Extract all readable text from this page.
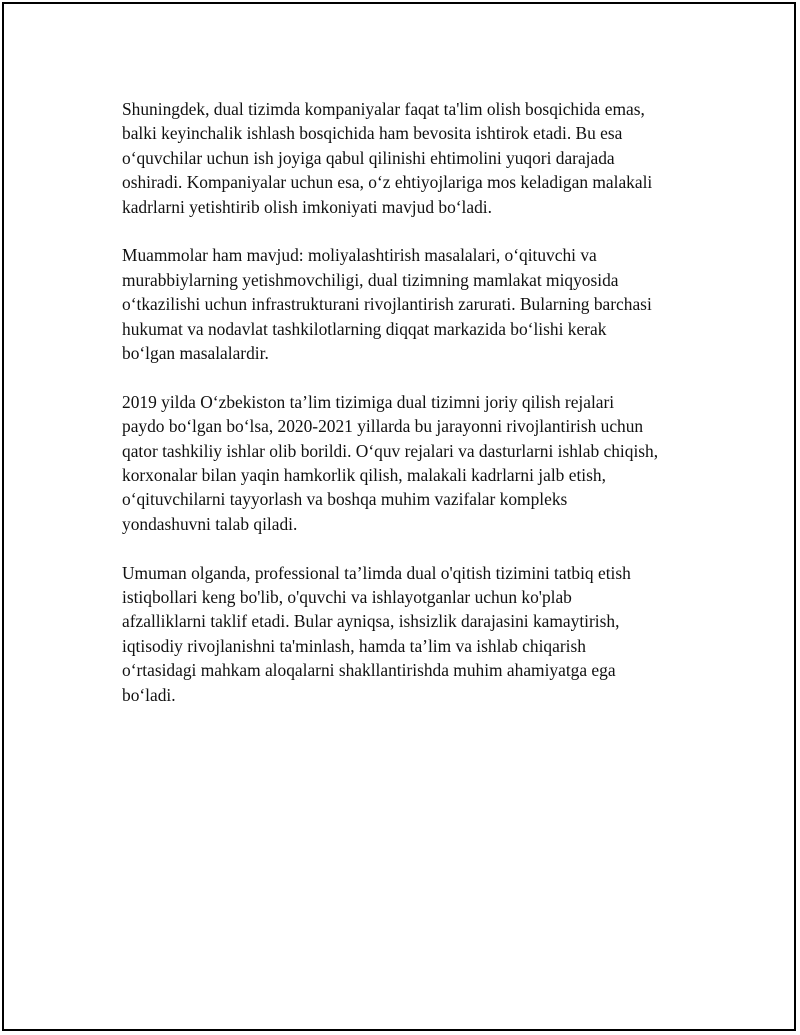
Shuningdek, dual tizimda kompaniyalar faqat ta'lim olish bosqichida emas,
balki keyinchalik ishlash bosqichida ham bevosita ishtirok etadi. Bu esa
oʻquvchilar uchun ish joyiga qabul qilinishi ehtimolini yuqori darajada
oshiradi. Kompaniyalar uchun esa, oʻz ehtiyojlariga mos keladigan malakali
kadrlarni yetishtirib olish imkoniyati mavjud boʻladi.

Muammolar ham mavjud: moliyalashtirish masalalari, oʻqituvchi va
murabbiylarning yetishmovchiligi, dual tizimning mamlakat miqyosida
oʻtkazilishi uchun infrastrukturani rivojlantirish zarurati. Bularning barchasi
hukumat va nodavlat tashkilotlarning diqqat markazida boʻlishi kerak
boʻlgan masalalardir.

2019 yilda Oʻzbekiston taʼlim tizimiga dual tizimni joriy qilish rejalari
paydo boʻlgan boʻlsa, 2020-2021 yillarda bu jarayonni rivojlantirish uchun
qator tashkiliy ishlar olib borildi. Oʻquv rejalari va dasturlarni ishlab chiqish,
korxonalar bilan yaqin hamkorlik qilish, malakali kadrlarni jalb etish,
oʻqituvchilarni tayyorlash va boshqa muhim vazifalar kompleks
yondashuvni talab qiladi.

Umuman olganda, professional ta’limda dual o'qitish tizimini tatbiq etish
istiqbollari keng bo'lib, o'quvchi va ishlayotganlar uchun ko'plab
afzalliklarni taklif etadi. Bular ayniqsa, ishsizlik darajasini kamaytirish,
iqtisodiy rivojlanishni ta'minlash, hamda ta’lim va ishlab chiqarish
o‘rtasidagi mahkam aloqalarni shakllantirishda muhim ahamiyatga ega
bo‘ladi.
